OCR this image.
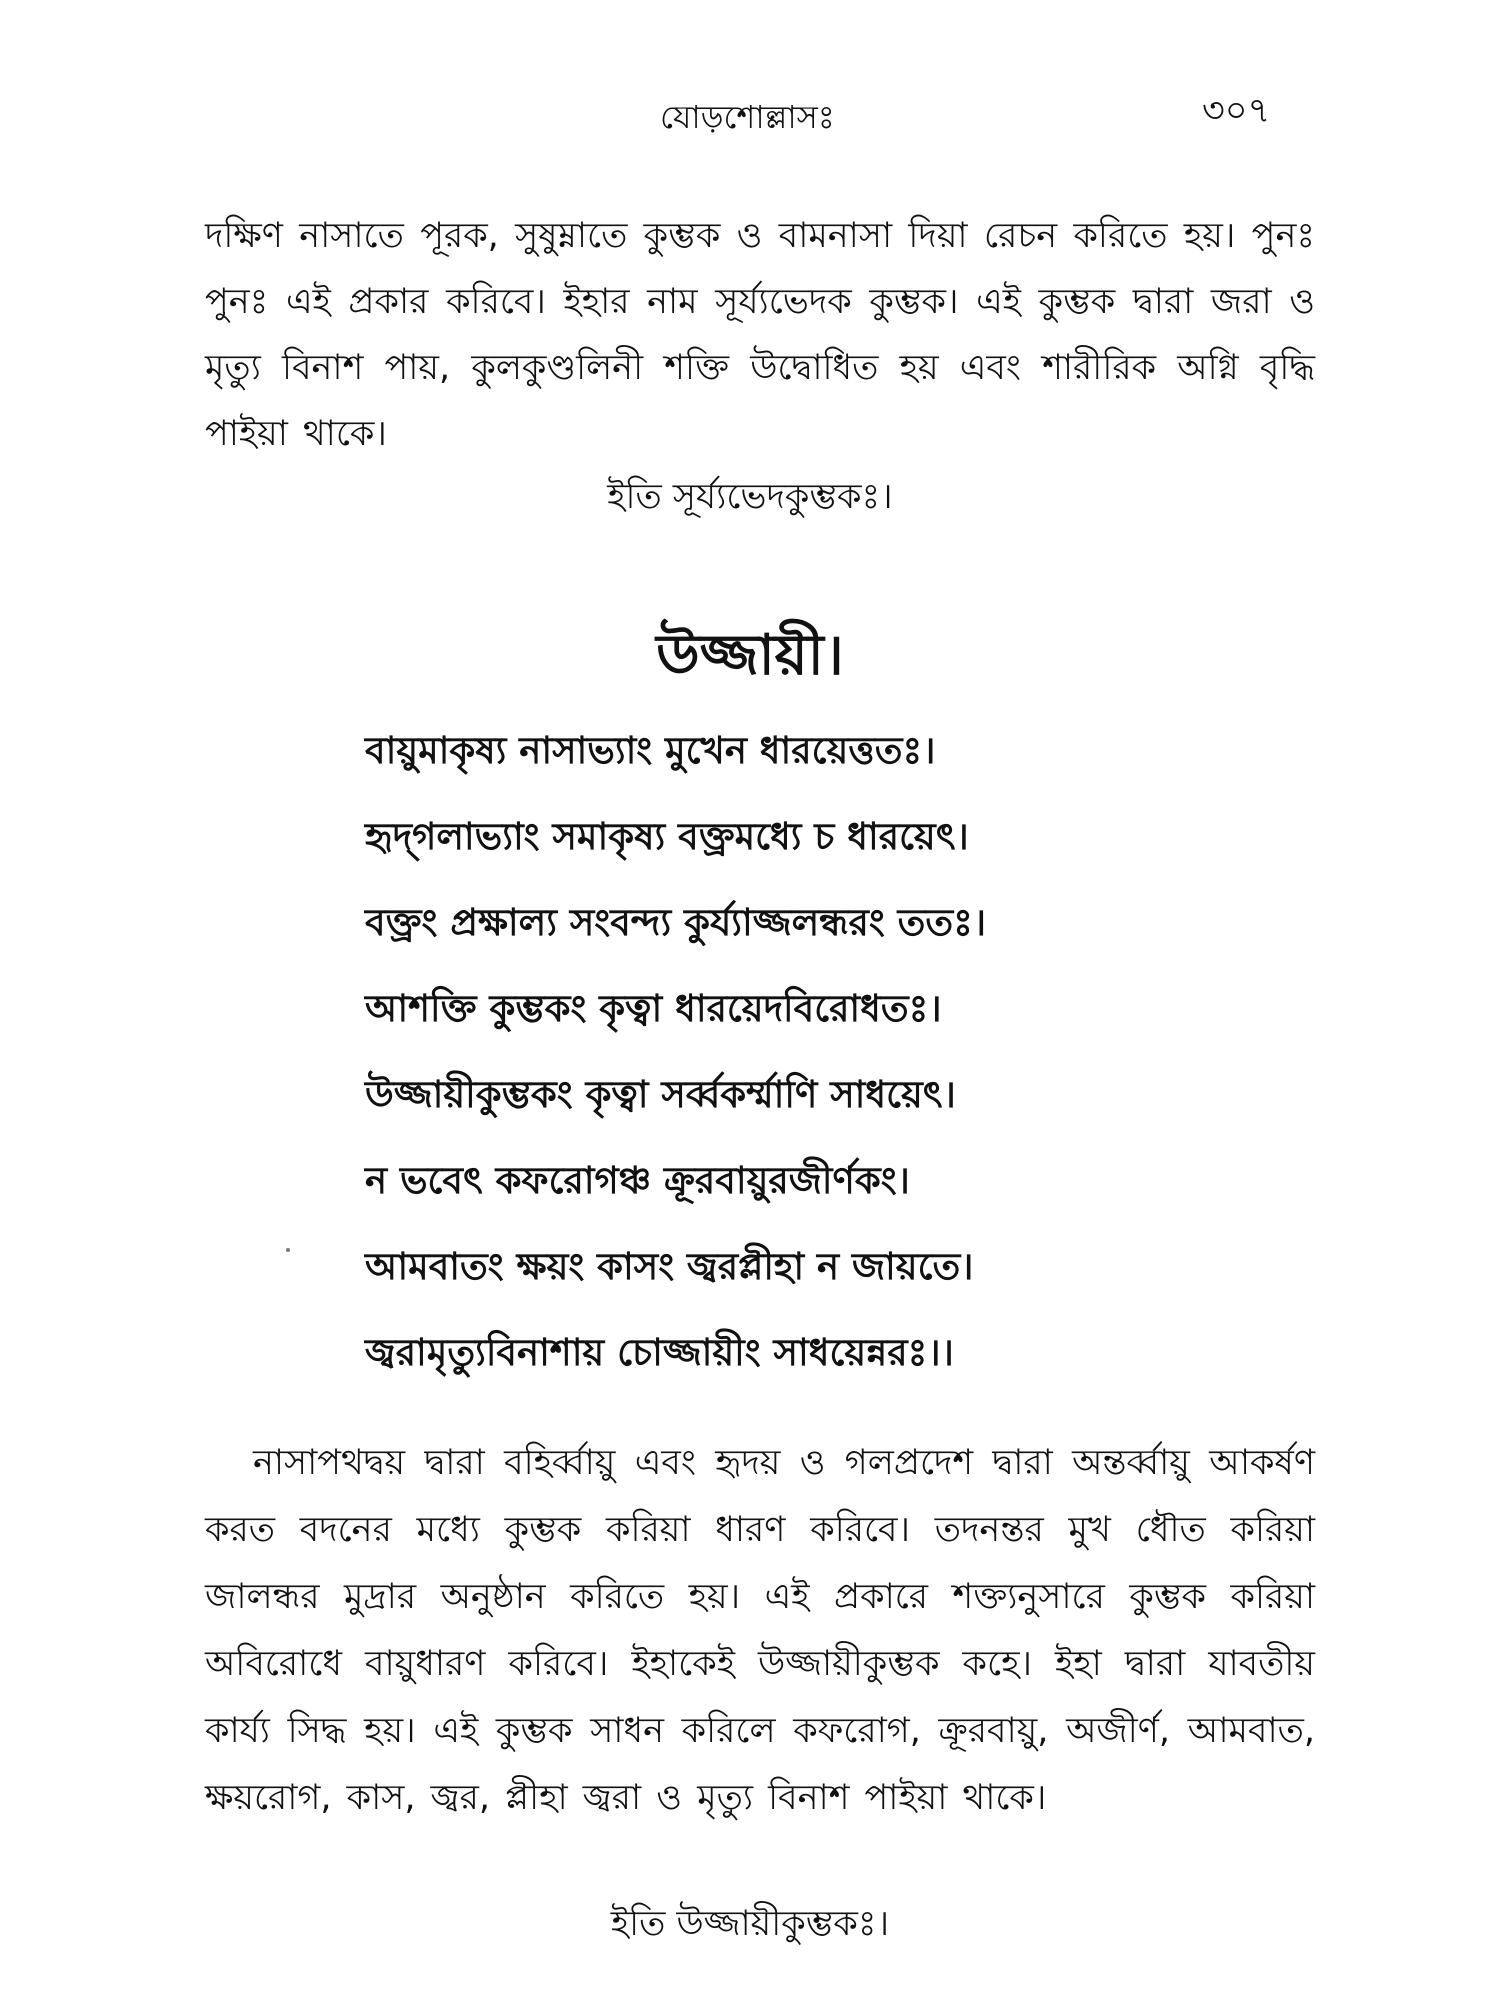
যোড়শোল্লাসঃ	৩০৭

দক্ষিণ নাসাতে পূরক, সুষুম্নাতে কুম্ভক ও বামনাসা দিয়া রেচন করিতে হয়। পুনঃ পুনঃ এই প্রকার করিবে। ইহার নাম সূর্য্যভেদক কুম্ভক। এই কুম্ভক দ্বারা জরা ও মৃত্যু বিনাশ পায়, কুলকুণ্ডলিনী শক্তি উদ্বোধিত হয় এবং শারীরিক অগ্নি বৃদ্ধি পাইয়া থাকে।

ইতি সূর্য্যভেদকুম্ভকঃ।
উজ্জায়ী।
বায়ুমাকৃষ্য নাসাভ্যাং মুখেন ধারয়েত্ততঃ।
হৃদ্‌গলাভ্যাং সমাকৃষ্য বক্ত্রমধ্যে চ ধারয়েৎ।
বক্ত্রং প্রক্ষাল্য সংবন্দ্য কুর্য্যাজ্জলন্ধরং ততঃ।
আশক্তি কুম্ভকং কৃত্বা ধারয়েদবিরোধতঃ।
উজ্জায়ীকুম্ভকং কৃত্বা সর্ব্বকর্ম্মাণি সাধয়েৎ।
ন ভবেৎ কফরোগঞ্চ ক্রূরবায়ুরজীর্ণকং।
আমবাতং ক্ষয়ং কাসং জ্বরপ্লীহা ন জায়তে।
জ্বরামৃত্যুবিনাশায় চোজ্জায়ীং সাধয়েন্নরঃ।।

নাসাপথদ্বয় দ্বারা বহির্ব্বায়ু এবং হৃদয় ও গলপ্রদেশ দ্বারা অন্তর্ব্বায়ু আকর্ষণ করত বদনের মধ্যে কুম্ভক করিয়া ধারণ করিবে। তদনন্তর মুখ ধৌত করিয়া জালন্ধর মুদ্রার অনুষ্ঠান করিতে হয়। এই প্রকারে শক্ত্যনুসারে কুম্ভক করিয়া অবিরোধে বায়ুধারণ করিবে। ইহাকেই উজ্জায়ীকুম্ভক কহে। ইহা দ্বারা যাবতীয় কার্য্য সিদ্ধ হয়। এই কুম্ভক সাধন করিলে কফরোগ, ক্রূরবায়ু, অজীর্ণ, আমবাত, ক্ষয়রোগ, কাস, জ্বর, প্লীহা জ্বরা ও মৃত্যু বিনাশ পাইয়া থাকে।

ইতি উজ্জায়ীকুম্ভকঃ।
